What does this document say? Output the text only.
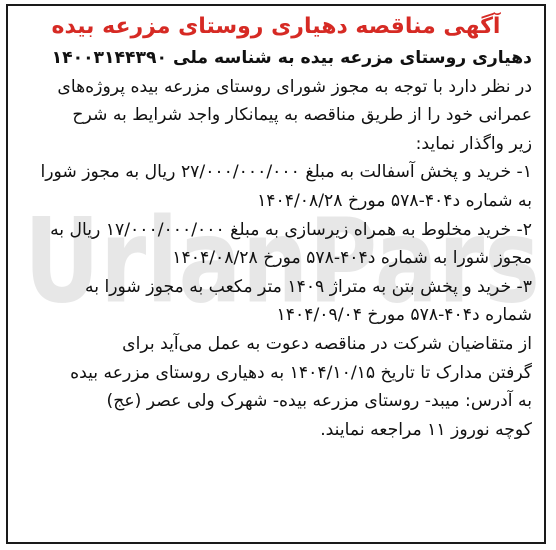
UrlanPars
آگهی مناقصه دهیاری روستای مزرعه بیده
دهیاری روستای مزرعه بیده به شناسه ملی ۱۴۰۰۳۱۴۴۳۹۰
در نظر دارد با توجه به مجوز شورای روستای مزرعه بیده پروژه‌های
عمرانی خود را از طریق مناقصه به پیمانکار واجد شرایط به شرح
زیر واگذار نماید:
۱- خرید و پخش آسفالت به مبلغ ۲۷/۰۰۰/۰۰۰/۰۰۰ ریال به مجوز شورا
به شماره د۴۰۴-۵۷۸ مورخ ۱۴۰۴/۰۸/۲۸
۲- خرید مخلوط به همراه زیرسازی به مبلغ ۱۷/۰۰۰/۰۰۰/۰۰۰ ریال به
مجوز شورا به شماره د۴۰۴-۵۷۸ مورخ ۱۴۰۴/۰۸/۲۸
۳- خرید و پخش بتن به متراژ ۱۴۰۹ متر مکعب به مجوز شورا به
شماره د۴۰۴-۵۷۸ مورخ ۱۴۰۴/۰۹/۰۴
از متقاضیان شرکت در مناقصه دعوت به عمل می‌آید برای
گرفتن مدارک تا تاریخ ۱۴۰۴/۱۰/۱۵ به دهیاری روستای مزرعه بیده
به آدرس: میبد- روستای مزرعه بیده- شهرک ولی عصر (عج)
کوچه نوروز ۱۱ مراجعه نمایند.
